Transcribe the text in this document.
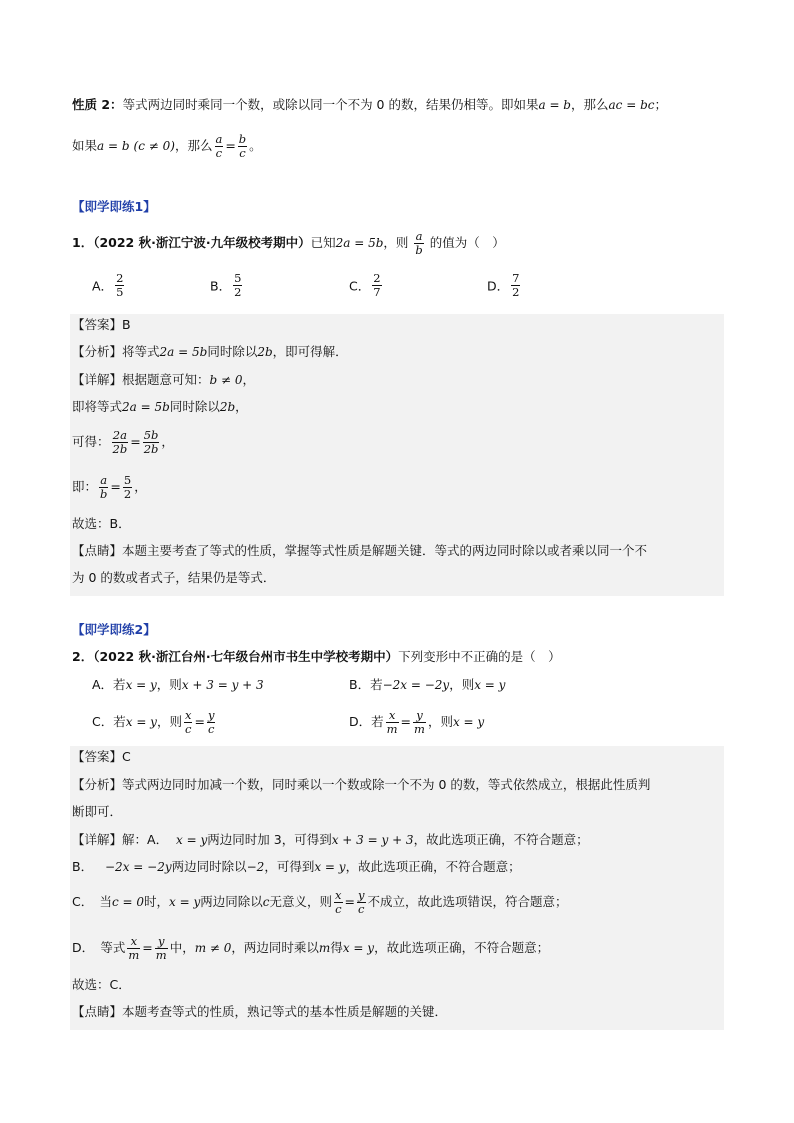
性质 2：等式两边同时乘同一个数，或除以同一个不为 0 的数，结果仍相等。即如果a = b，那么ac = bc；
如果a = b (c ≠ 0)，那么 $\frac{a}{c} = \frac{b}{c}$ 。
【即学即练1】
1．（2022 秋·浙江宁波·九年级校考期中）已知2a = 5b，则 $\frac{a}{b}$ 的值为（　）
A． $\frac{2}{5}$	B． $\frac{5}{2}$	C． $\frac{2}{7}$	D． $\frac{7}{2}$
【答案】B
【分析】将等式2a = 5b同时除以2b，即可得解．
【详解】根据题意可知：b ≠ 0，
即将等式2a = 5b同时除以2b，
可得： $\frac{2a}{2b} = \frac{5b}{2b}$ ，
即： $\frac{a}{b} = \frac{5}{2}$ ，
故选：B．
【点睛】本题主要考查了等式的性质，掌握等式性质是解题关键．等式的两边同时除以或者乘以同一个不
为 0 的数或者式子，结果仍是等式．
【即学即练2】
2．（2022 秋·浙江台州·七年级台州市书生中学校考期中）下列变形中不正确的是（　）
A．若x = y，则x + 3 = y + 3	B．若−2x = −2y，则x = y
C．若x = y，则 $\frac{x}{c} = \frac{y}{c}$	D．若 $\frac{x}{m} = \frac{y}{m}$ ，则x = y
【答案】C
【分析】等式两边同时加减一个数，同时乘以一个数或除一个不为 0 的数，等式依然成立，根据此性质判
断即可．
【详解】解：A． x = y两边同时加 3，可得到x + 3 = y + 3，故此选项正确，不符合题意；
B． −2x = −2y两边同时除以−2，可得到x = y，故此选项正确，不符合题意；
C．　当c = 0时，x = y两边同除以c无意义，则 $\frac{x}{c} = \frac{y}{c}$ 不成立，故此选项错误，符合题意；
D．　等式 $\frac{x}{m} = \frac{y}{m}$ 中，m ≠ 0，两边同时乘以m得x = y，故此选项正确，不符合题意；
故选：C．
【点睛】本题考查等式的性质，熟记等式的基本性质是解题的关键．
